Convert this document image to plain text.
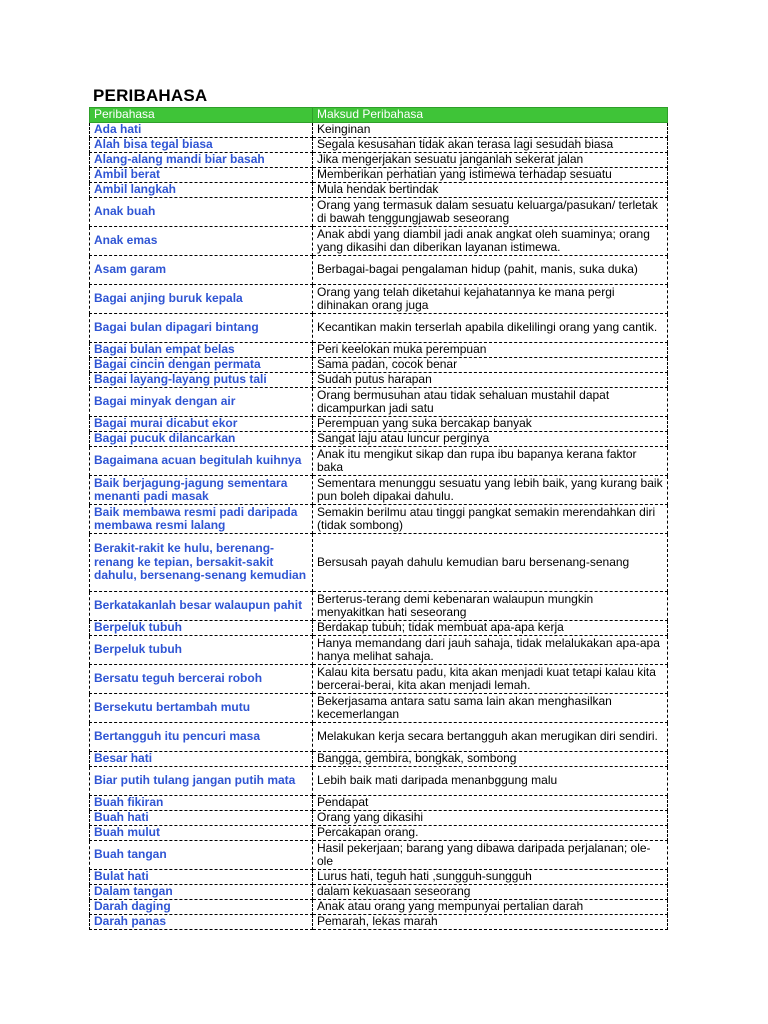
PERIBAHASA
Peribahasa	Maksud Peribahasa
Ada hati	Keinginan
Alah bisa tegal biasa	Segala kesusahan tidak akan terasa lagi sesudah biasa
Alang-alang mandi biar basah	Jika mengerjakan sesuatu janganlah sekerat jalan
Ambil berat	Memberikan perhatian yang istimewa terhadap sesuatu
Ambil langkah	Mula hendak bertindak
Anak buah	Orang yang termasuk dalam sesuatu keluarga/pasukan/ terletak di bawah tenggungjawab seseorang
Anak emas	Anak abdi yang diambil jadi anak angkat oleh suaminya; orang yang dikasihi dan diberikan layanan istimewa.
Asam garam	Berbagai-bagai pengalaman hidup (pahit, manis, suka duka)
Bagai anjing buruk kepala	Orang yang telah diketahui kejahatannya ke mana pergi dihinakan orang juga
Bagai bulan dipagari bintang	Kecantikan makin terserlah apabila dikelilingi orang yang cantik.
Bagai bulan empat belas	Peri keelokan muka perempuan
Bagai cincin dengan permata	Sama padan, cocok benar
Bagai layang-layang putus tali	Sudah putus harapan
Bagai minyak dengan air	Orang bermusuhan atau tidak sehaluan mustahil dapat dicampurkan jadi satu
Bagai murai dicabut ekor	Perempuan yang suka bercakap banyak
Bagai pucuk dilancarkan	Sangat laju atau luncur perginya
Bagaimana acuan begitulah kuihnya	Anak itu mengikut sikap dan rupa ibu bapanya kerana faktor baka
Baik berjagung-jagung sementara menanti padi masak	Sementara menunggu sesuatu yang lebih baik, yang kurang baik pun boleh dipakai dahulu.
Baik membawa resmi padi daripada membawa resmi lalang	Semakin berilmu atau tinggi pangkat semakin merendahkan diri (tidak sombong)
Berakit-rakit ke hulu, berenang-renang ke tepian, bersakit-sakit dahulu, bersenang-senang kemudian	Bersusah payah dahulu kemudian baru bersenang-senang
Berkatakanlah besar walaupun pahit	Berterus-terang demi kebenaran walaupun mungkin menyakitkan hati seseorang
Berpeluk tubuh	Berdakap tubuh; tidak membuat apa-apa kerja
Berpeluk tubuh	Hanya memandang dari jauh sahaja, tidak melalukakan apa-apa hanya melihat sahaja.
Bersatu teguh bercerai roboh	Kalau kita bersatu padu, kita akan menjadi kuat tetapi kalau kita bercerai-berai, kita akan menjadi lemah.
Bersekutu bertambah mutu	Bekerjasama antara satu sama lain akan menghasilkan kecemerlangan
Bertangguh itu pencuri masa	Melakukan kerja secara bertangguh akan merugikan diri sendiri.
Besar hati	Bangga, gembira, bongkak, sombong
Biar putih tulang jangan putih mata	Lebih baik mati daripada menanbggung malu
Buah fikiran	Pendapat
Buah hati	Orang yang dikasihi
Buah mulut	Percakapan orang.
Buah tangan	Hasil pekerjaan; barang yang dibawa daripada perjalanan; ole-ole
Bulat hati	Lurus hati, teguh hati ,sungguh-sungguh
Dalam tangan	dalam kekuasaan seseorang
Darah daging	Anak atau orang yang mempunyai pertalian darah
Darah panas	Pemarah, lekas marah
